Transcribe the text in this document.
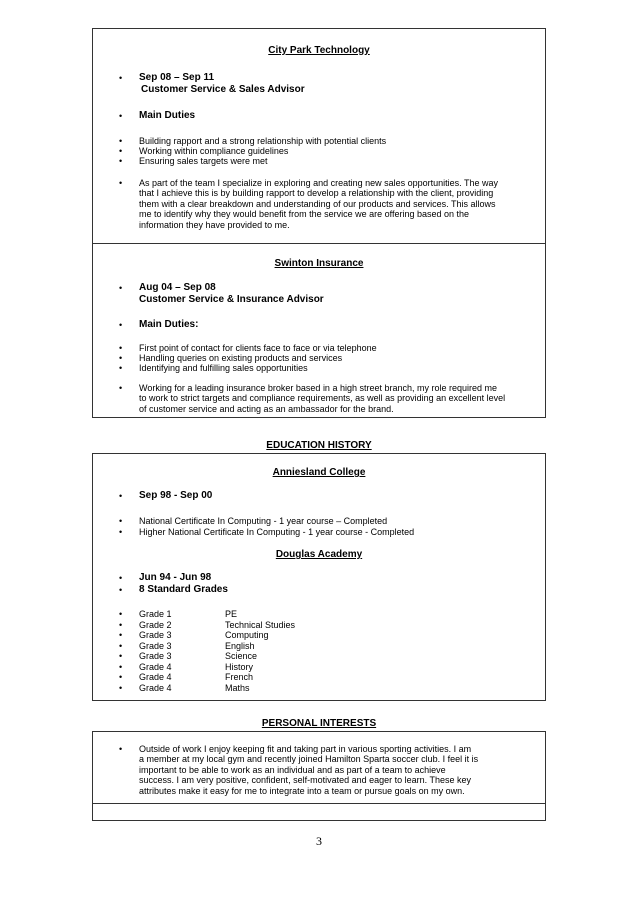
City Park Technology
• Sep 08 – Sep 11
Customer Service & Sales Advisor
• Main Duties
• Building rapport and a strong relationship with potential clients
• Working within compliance guidelines
• Ensuring sales targets were met
• As part of the team I specialize in exploring and creating new sales opportunities. The way
that I achieve this is by building rapport to develop a relationship with the client, providing
them with a clear breakdown and understanding of our products and services. This allows
me to identify why they would benefit from the service we are offering based on the
information they have provided to me.
Swinton Insurance
• Aug 04 – Sep 08
Customer Service & Insurance Advisor
• Main Duties:
• First point of contact for clients face to face or via telephone
• Handling queries on existing products and services
• Identifying and fulfilling sales opportunities
• Working for a leading insurance broker based in a high street branch, my role required me
to work to strict targets and compliance requirements, as well as providing an excellent level
of customer service and acting as an ambassador for the brand.
EDUCATION HISTORY
Anniesland College
• Sep 98 - Sep 00
• National Certificate In Computing - 1 year course – Completed
• Higher National Certificate In Computing - 1 year course - Completed
Douglas Academy
• Jun 94 - Jun 98
• 8 Standard Grades
• Grade 1	PE
• Grade 2	Technical Studies
• Grade 3	Computing
• Grade 3	English
• Grade 3	Science
• Grade 4	History
• Grade 4	French
• Grade 4	Maths
PERSONAL INTERESTS
• Outside of work I enjoy keeping fit and taking part in various sporting activities. I am
a member at my local gym and recently joined Hamilton Sparta soccer club. I feel it is
important to be able to work as an individual and as part of a team to achieve
success. I am very positive, confident, self-motivated and eager to learn. These key
attributes make it easy for me to integrate into a team or pursue goals on my own.
3
